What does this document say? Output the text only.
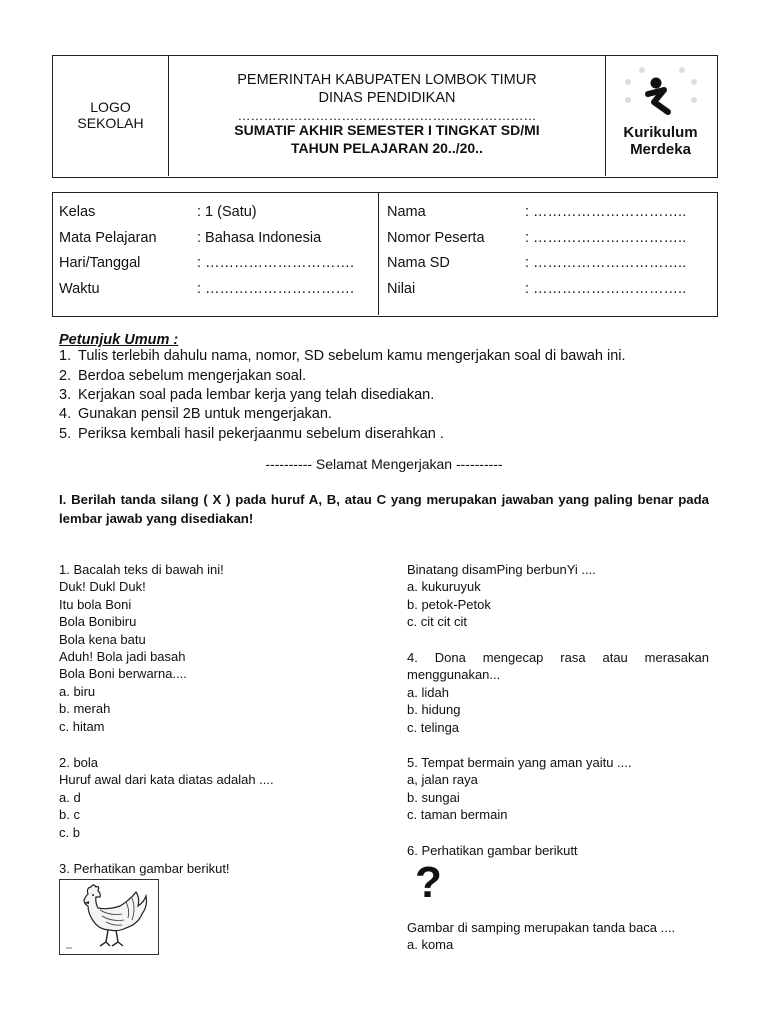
LOGO
SEKOLAH
PEMERINTAH KABUPATEN LOMBOK TIMUR
DINAS PENDIDIKAN
……………………………………………………………
SUMATIF AKHIR SEMESTER I TINGKAT SD/MI
TAHUN PELAJARAN 20../20..
Kurikulum
Merdeka
Kelas	: 1 (Satu)
Mata Pelajaran	: Bahasa Indonesia
Hari/Tanggal	: ………………………….
Waktu	: ………………………….
Nama	: …………………………..
Nomor Peserta	: …………………………..
Nama SD	: …………………………..
Nilai	: …………………………..
Petunjuk Umum :
1. Tulis terlebih dahulu nama, nomor, SD sebelum kamu mengerjakan soal di bawah ini.
2. Berdoa sebelum mengerjakan soal.
3. Kerjakan soal pada lembar kerja yang telah disediakan.
4. Gunakan pensil 2B untuk mengerjakan.
5. Periksa kembali hasil pekerjaanmu sebelum diserahkan .
---------- Selamat Mengerjakan ----------
I. Berilah tanda silang ( X ) pada huruf A, B, atau C yang merupakan jawaban yang paling benar pada lembar jawab yang disediakan!
1. Bacalah teks di bawah ini!
Duk! Dukl Duk!
Itu bola Boni
Bola Bonibiru
Bola kena batu
Aduh! Bola jadi basah
Bola Boni berwarna....
a. biru
b. merah
c. hitam
2. bola
Huruf awal dari kata diatas adalah ....
a. d
b. c
c. b
3. Perhatikan gambar berikut!
Binatang disamPing berbunYi ....
a. kukuruyuk
b. petok-Petok
c. cit cit cit
4. Dona mengecap rasa atau merasakan
menggunakan...
a. lidah
b. hidung
c. telinga
5. Tempat bermain yang aman yaitu ....
a, jalan raya
b. sungai
c. taman bermain
6. Perhatikan gambar berikutt
?
Gambar di samping merupakan tanda baca ....
a. koma
